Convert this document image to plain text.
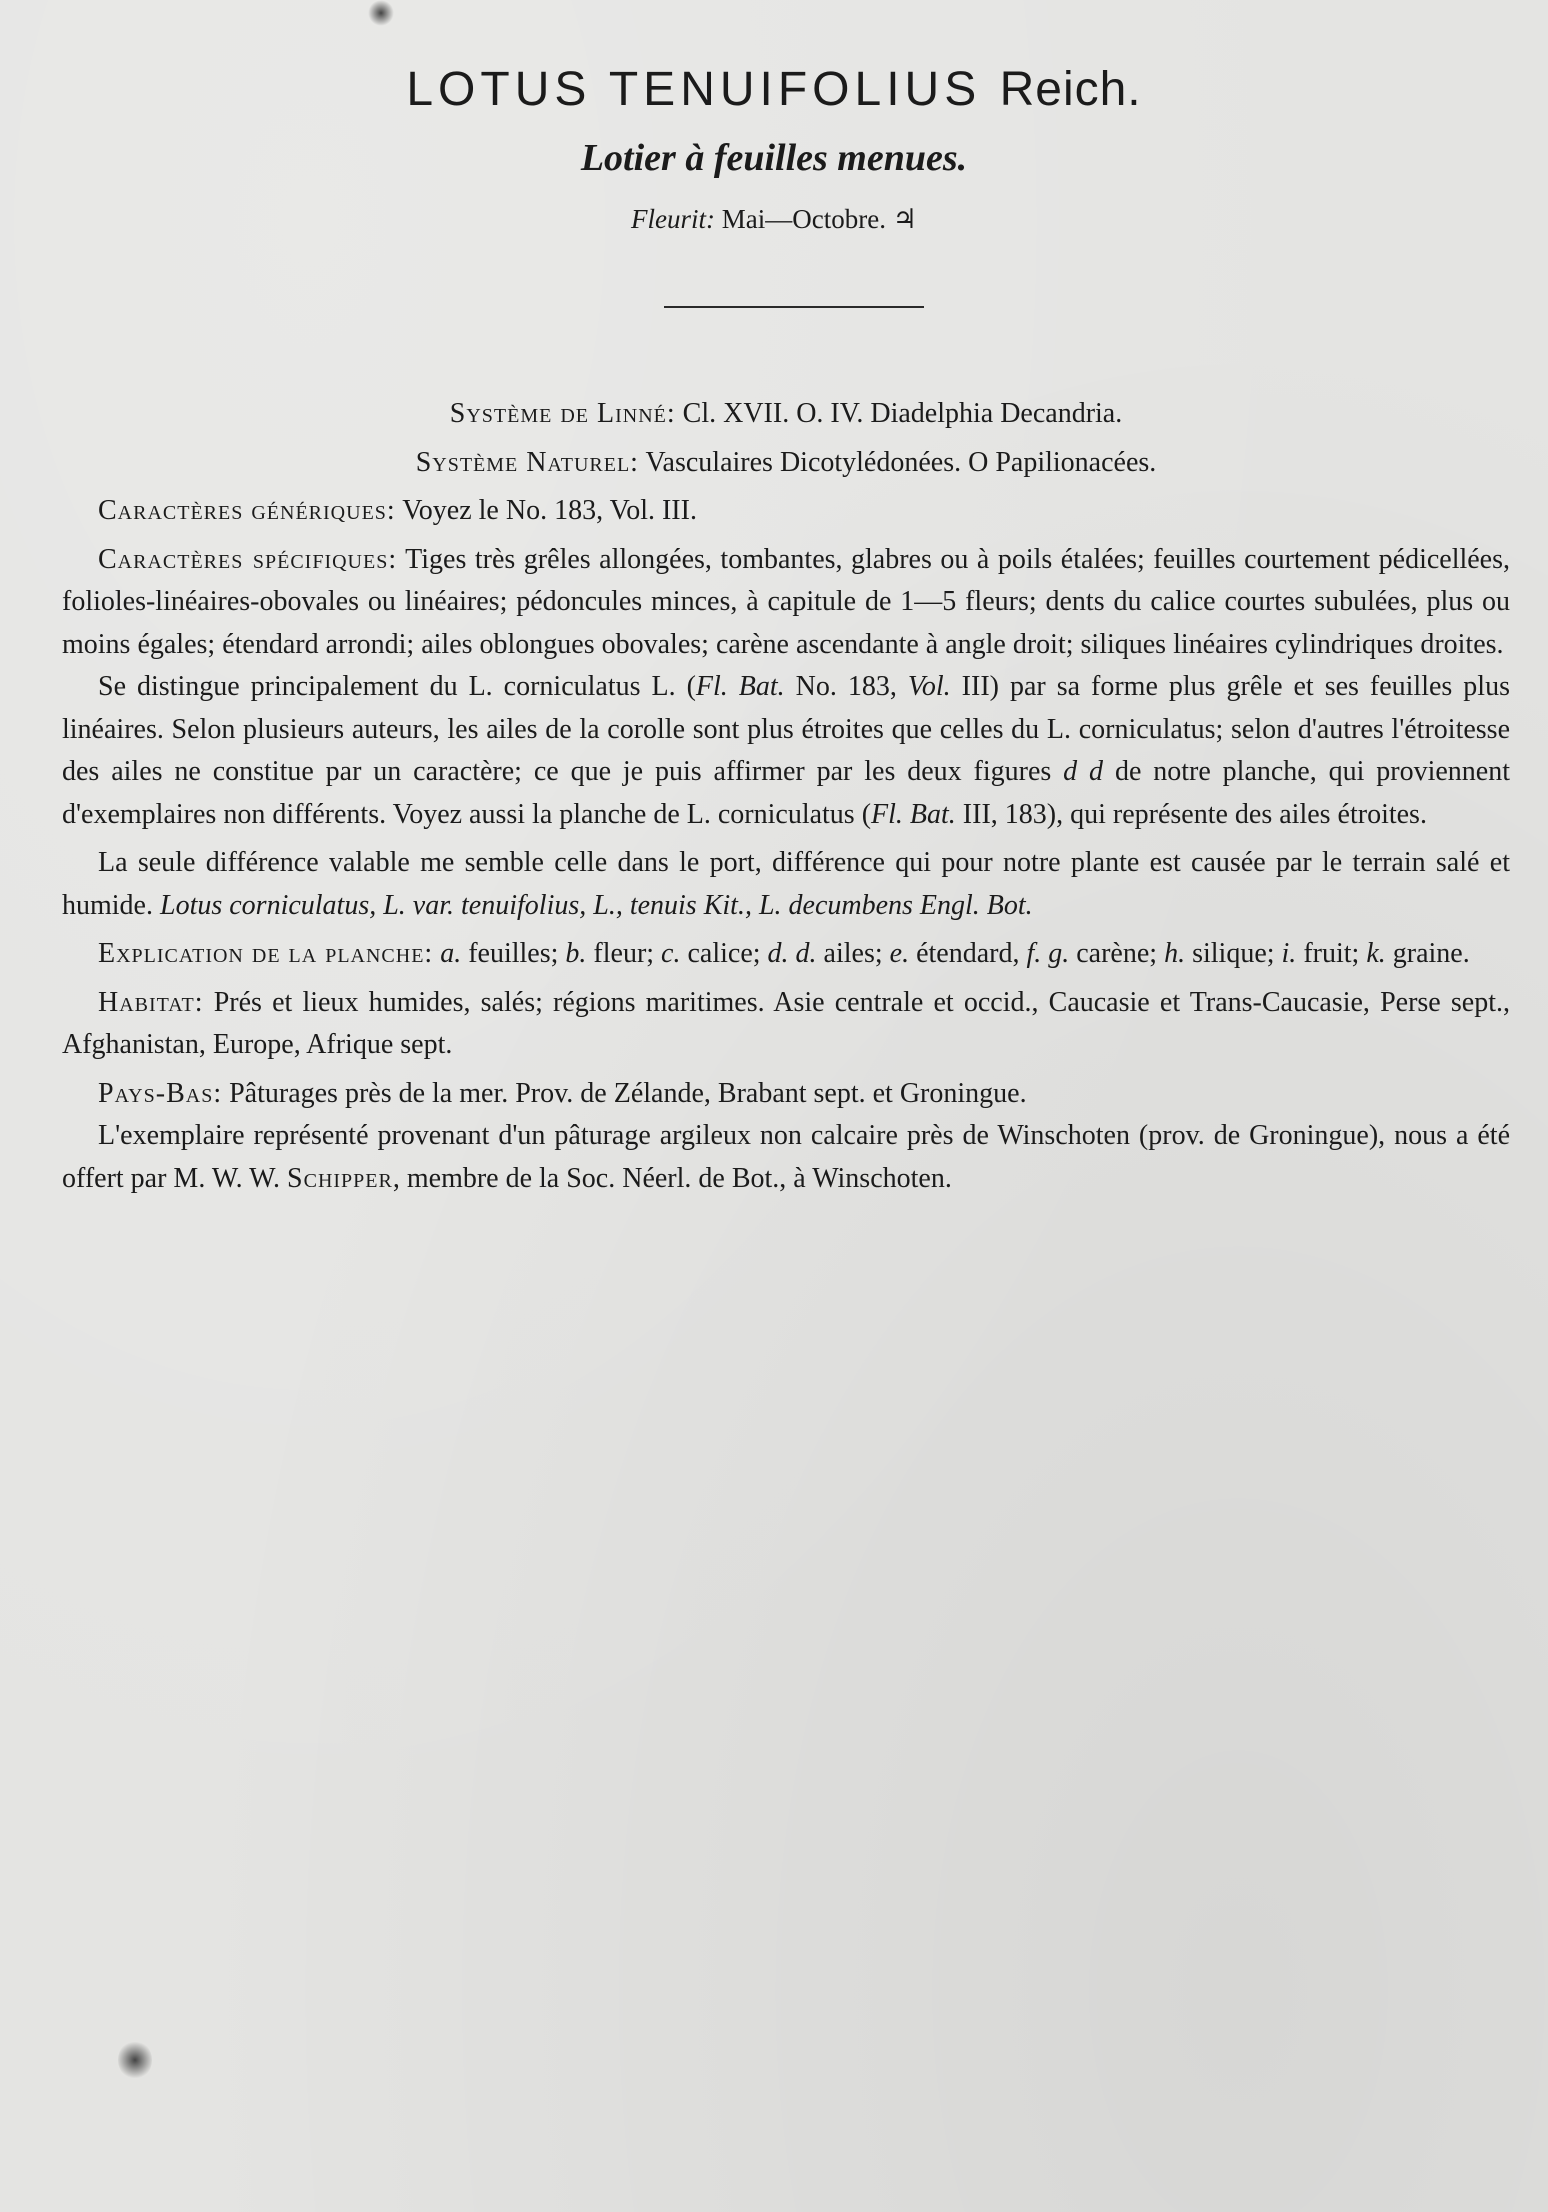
LOTUS TENUIFOLIUS Reich.
Lotier à feuilles menues.
Fleurit: Mai—Octobre. ♃

Système de Linné: Cl. XVII. O. IV. Diadelphia Decandria.

Système Naturel: Vasculaires Dicotylédonées. O Papilionacées.

Caractères génériques: Voyez le No. 183, Vol. III.

Caractères spécifiques: Tiges très grêles allongées, tombantes, glabres ou à poils étalées; feuilles courtement pédicellées, folioles-linéaires-obovales ou linéaires; pédoncules minces, à capitule de 1—5 fleurs; dents du calice courtes subulées, plus ou moins égales; étendard arrondi; ailes oblongues obovales; carène ascendante à angle droit; siliques linéaires cylindriques droites.

Se distingue principalement du L. corniculatus L. (Fl. Bat. No. 183, Vol. III) par sa forme plus grêle et ses feuilles plus linéaires. Selon plusieurs auteurs, les ailes de la corolle sont plus étroites que celles du L. corniculatus; selon d'autres l'étroitesse des ailes ne constitue par un caractère; ce que je puis affirmer par les deux figures d d de notre planche, qui proviennent d'exemplaires non différents. Voyez aussi la planche de L. corniculatus (Fl. Bat. III, 183), qui représente des ailes étroites.

La seule différence valable me semble celle dans le port, différence qui pour notre plante est causée par le terrain salé et humide. Lotus corniculatus, L. var. tenuifolius, L., tenuis Kit., L. decumbens Engl. Bot.

Explication de la planche: a. feuilles; b. fleur; c. calice; d. d. ailes; e. étendard, f. g. carène; h. silique; i. fruit; k. graine.

Habitat: Prés et lieux humides, salés; régions maritimes. Asie centrale et occid., Caucasie et Trans-Caucasie, Perse sept., Afghanistan, Europe, Afrique sept.

Pays-Bas: Pâturages près de la mer. Prov. de Zélande, Brabant sept. et Groningue.

L'exemplaire représenté provenant d'un pâturage argileux non calcaire près de Winschoten (prov. de Groningue), nous a été offert par M. W. W. Schipper, membre de la Soc. Néerl. de Bot., à Winschoten.
